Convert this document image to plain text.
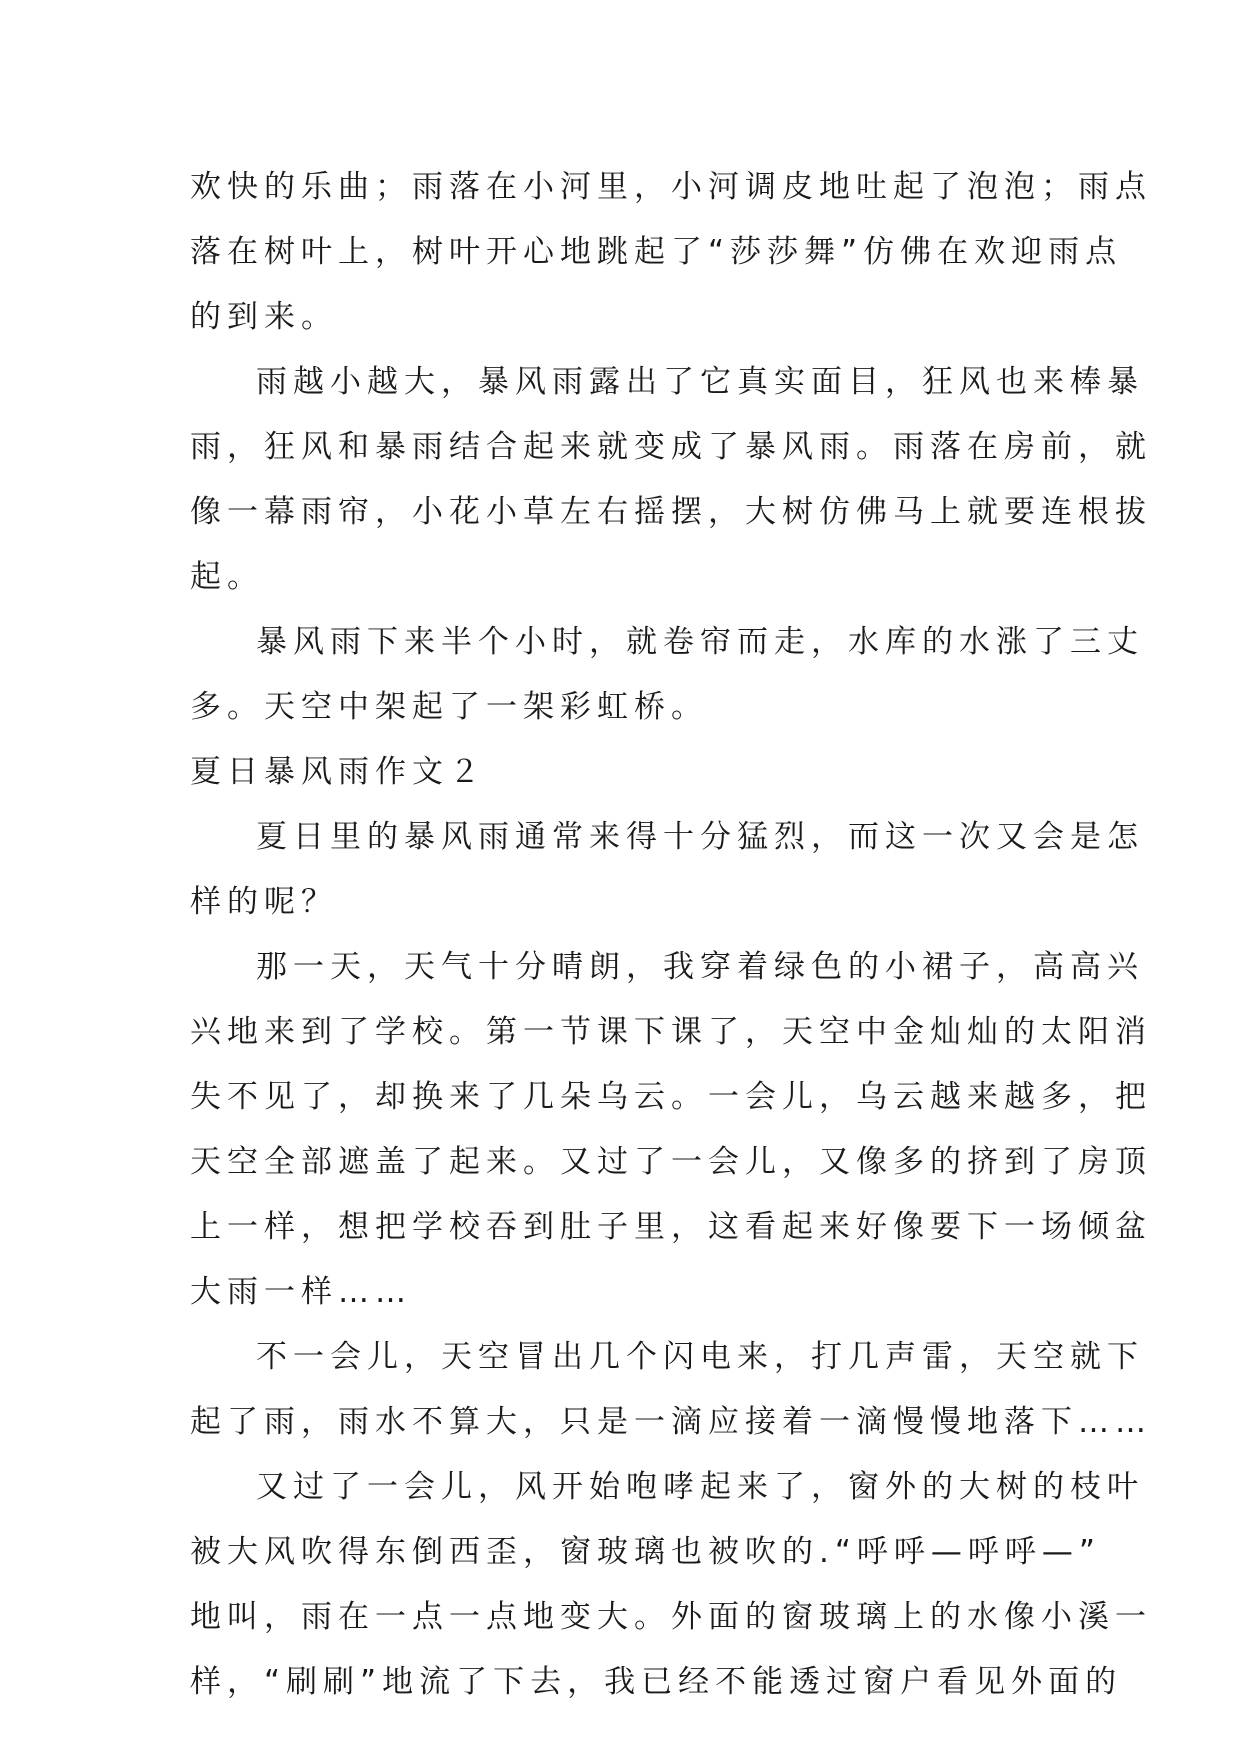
欢快的乐曲；雨落在小河里，小河调皮地吐起了泡泡；雨点
落在树叶上，树叶开心地跳起了“莎莎舞”仿佛在欢迎雨点
的到来。
雨越小越大，暴风雨露出了它真实面目，狂风也来棒暴
雨，狂风和暴雨结合起来就变成了暴风雨。雨落在房前，就
像一幕雨帘，小花小草左右摇摆，大树仿佛马上就要连根拔
起。
暴风雨下来半个小时，就卷帘而走，水库的水涨了三丈
多。天空中架起了一架彩虹桥。
夏日暴风雨作文２
夏日里的暴风雨通常来得十分猛烈，而这一次又会是怎
样的呢？
那一天，天气十分晴朗，我穿着绿色的小裙子，高高兴
兴地来到了学校。第一节课下课了，天空中金灿灿的太阳消
失不见了，却换来了几朵乌云。一会儿，乌云越来越多，把
天空全部遮盖了起来。又过了一会儿，又像多的挤到了房顶
上一样，想把学校吞到肚子里，这看起来好像要下一场倾盆
大雨一样……
不一会儿，天空冒出几个闪电来，打几声雷，天空就下
起了雨，雨水不算大，只是一滴应接着一滴慢慢地落下……
又过了一会儿，风开始咆哮起来了，窗外的大树的枝叶
被大风吹得东倒西歪，窗玻璃也被吹的.“呼呼—呼呼—”
地叫，雨在一点一点地变大。外面的窗玻璃上的水像小溪一
样，“刷刷”地流了下去，我已经不能透过窗户看见外面的
